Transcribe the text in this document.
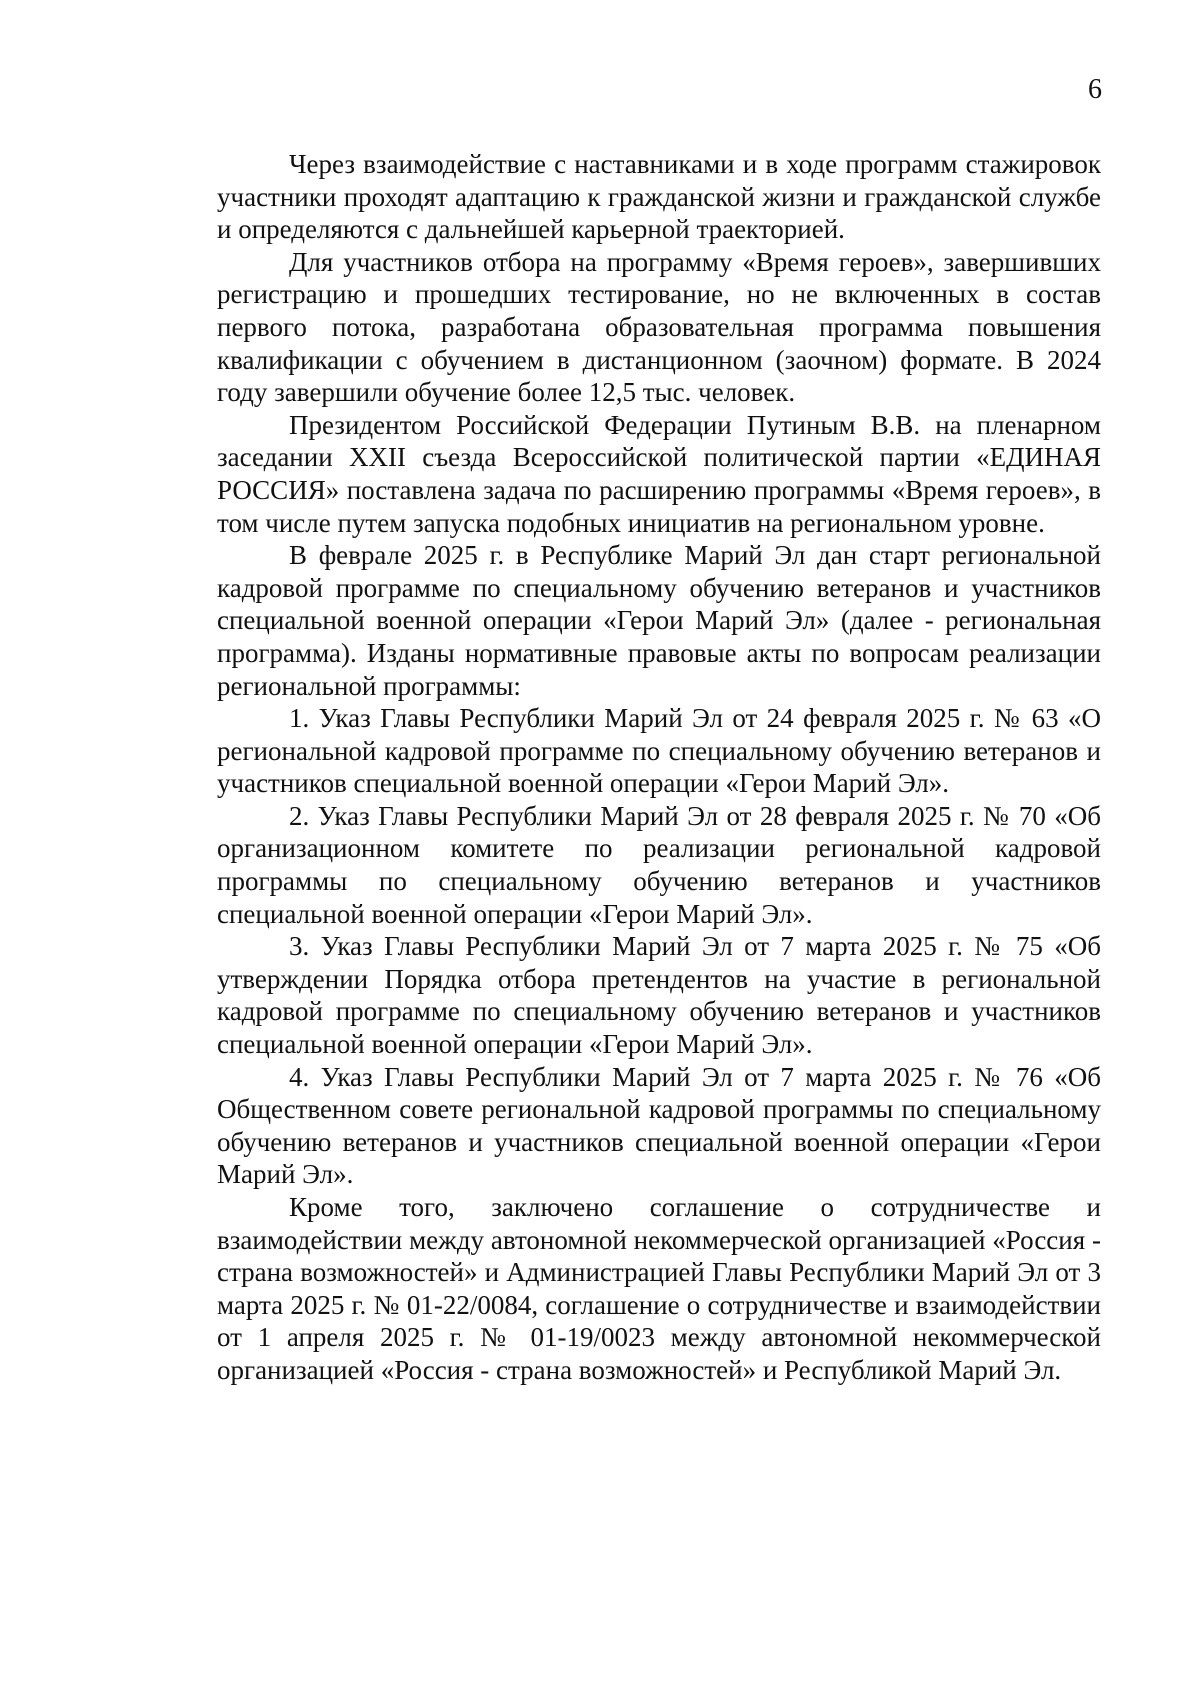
6

Через взаимодействие с наставниками и в ходе программ стажировок участники проходят адаптацию к гражданской жизни и гражданской службе и определяются с дальнейшей карьерной траекторией.

Для участников отбора на программу «Время героев», завершивших регистрацию и прошедших тестирование, но не включенных в состав первого потока, разработана образовательная программа повышения квалификации с обучением в дистанционном (заочном) формате. В 2024 году завершили обучение более 12,5 тыс. человек.

Президентом Российской Федерации Путиным В.В. на пленарном заседании XXII съезда Всероссийской политической партии «ЕДИНАЯ РОССИЯ» поставлена задача по расширению программы «Время героев», в том числе путем запуска подобных инициатив на региональном уровне.

В феврале 2025 г. в Республике Марий Эл дан старт региональной кадровой программе по специальному обучению ветеранов и участников специальной военной операции «Герои Марий Эл» (далее - региональная программа). Изданы нормативные правовые акты по вопросам реализации региональной программы:

1. Указ Главы Республики Марий Эл от 24 февраля 2025 г. № 63 «О региональной кадровой программе по специальному обучению ветеранов и участников специальной военной операции «Герои Марий Эл».

2. Указ Главы Республики Марий Эл от 28 февраля 2025 г. № 70 «Об организационном комитете по реализации региональной кадровой программы по специальному обучению ветеранов и участников специальной военной операции «Герои Марий Эл».

3. Указ Главы Республики Марий Эл от 7 марта 2025 г. № 75 «Об утверждении Порядка отбора претендентов на участие в региональной кадровой программе по специальному обучению ветеранов и участников специальной военной операции «Герои Марий Эл».

4. Указ Главы Республики Марий Эл от 7 марта 2025 г. № 76 «Об Общественном совете региональной кадровой программы по специальному обучению ветеранов и участников специальной военной операции «Герои Марий Эл».

Кроме того, заключено соглашение о сотрудничестве и взаимодействии между автономной некоммерческой организацией «Россия - страна возможностей» и Администрацией Главы Республики Марий Эл от 3 марта 2025 г. № 01-22/0084, соглашение о сотрудничестве и взаимодействии от 1 апреля 2025 г. № 01-19/0023 между автономной некоммерческой организацией «Россия - страна возможностей» и Республикой Марий Эл.
